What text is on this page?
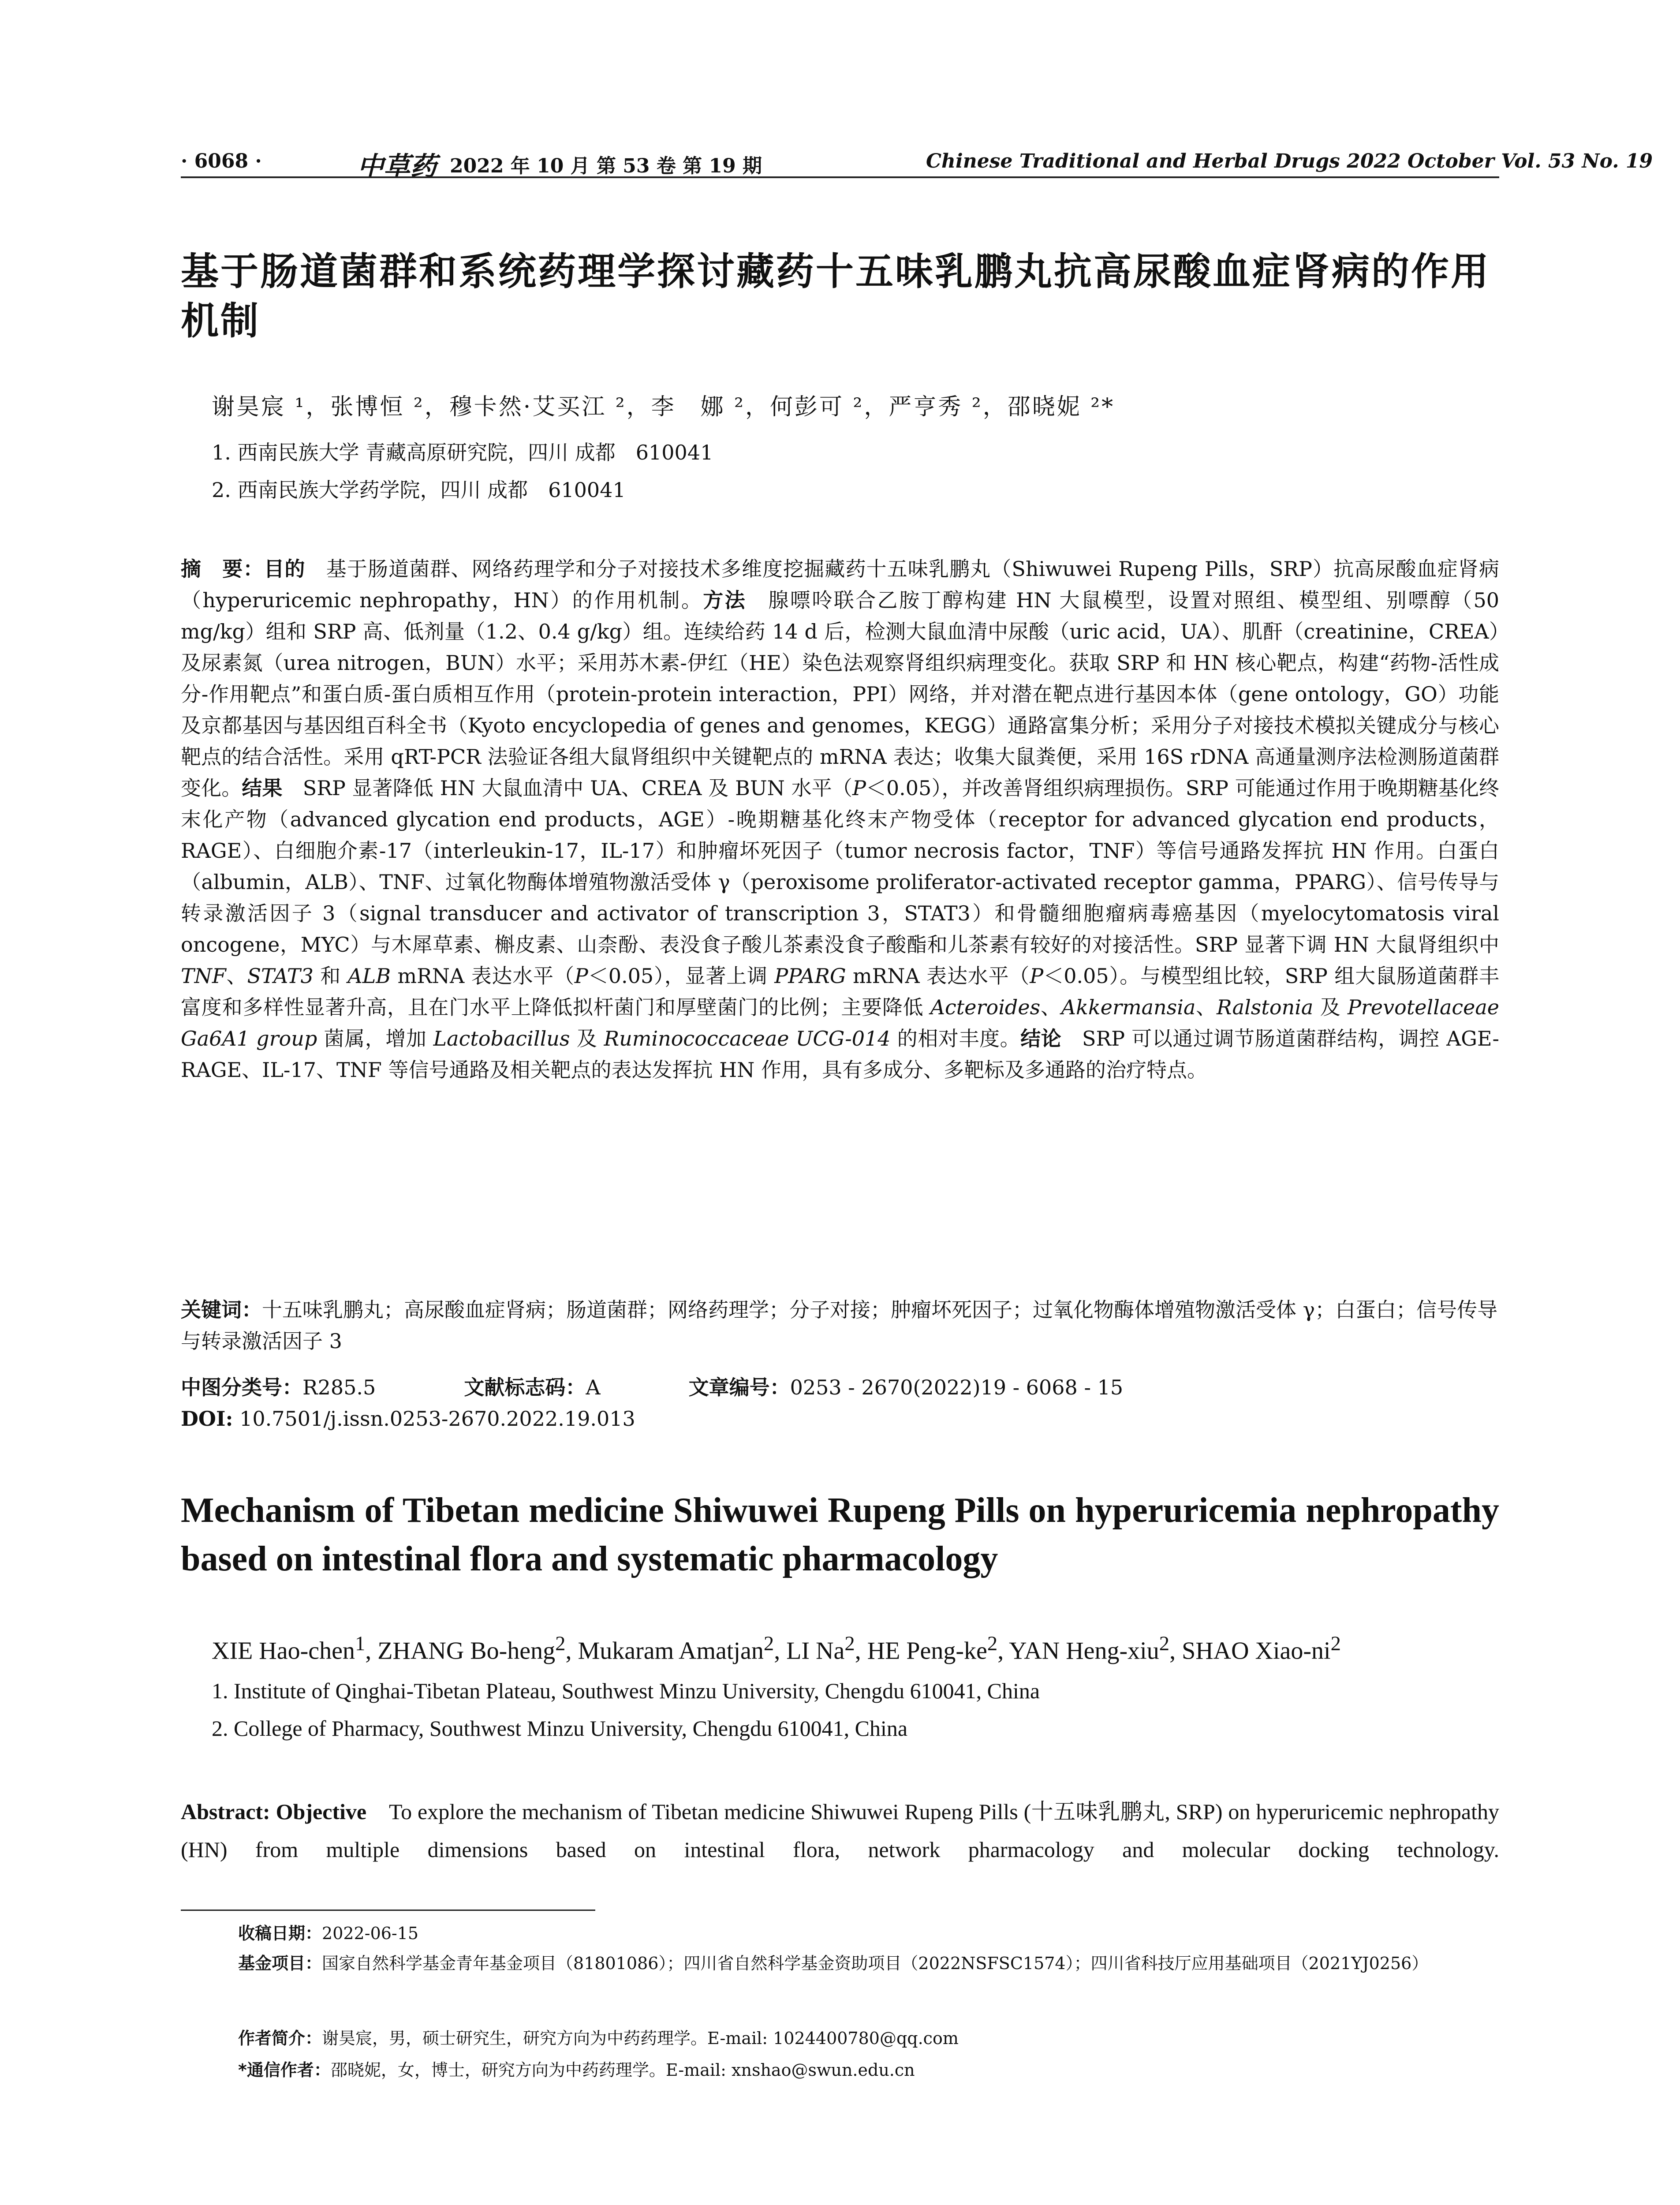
· 6068 ·	中草药 2022 年 10 月 第 53 卷 第 19 期	Chinese Traditional and Herbal Drugs 2022 October Vol. 53 No. 19
基于肠道菌群和系统药理学探讨藏药十五味乳鹏丸抗高尿酸血症肾病的作用机制
谢昊宸 ¹，张博恒 ²，穆卡然·艾买江 ²，李　娜 ²，何彭可 ²，严亨秀 ²，邵晓妮 ²*
1. 西南民族大学 青藏高原研究院，四川 成都　610041
2. 西南民族大学药学院，四川 成都　610041
摘　要：目的　基于肠道菌群、网络药理学和分子对接技术多维度挖掘藏药十五味乳鹏丸（Shiwuwei Rupeng Pills，SRP）抗高尿酸血症肾病（hyperuricemic nephropathy，HN）的作用机制。方法　腺嘌呤联合乙胺丁醇构建 HN 大鼠模型，设置对照组、模型组、别嘌醇（50 mg/kg）组和 SRP 高、低剂量（1.2、0.4 g/kg）组。连续给药 14 d 后，检测大鼠血清中尿酸（uric acid，UA）、肌酐（creatinine，CREA）及尿素氮（urea nitrogen，BUN）水平；采用苏木素-伊红（HE）染色法观察肾组织病理变化。获取 SRP 和 HN 核心靶点，构建“药物-活性成分-作用靶点”和蛋白质-蛋白质相互作用（protein-protein interaction，PPI）网络，并对潜在靶点进行基因本体（gene ontology，GO）功能及京都基因与基因组百科全书（Kyoto encyclopedia of genes and genomes，KEGG）通路富集分析；采用分子对接技术模拟关键成分与核心靶点的结合活性。采用 qRT-PCR 法验证各组大鼠肾组织中关键靶点的 mRNA 表达；收集大鼠粪便，采用 16S rDNA 高通量测序法检测肠道菌群变化。结果　SRP 显著降低 HN 大鼠血清中 UA、CREA 及 BUN 水平（P＜0.05），并改善肾组织病理损伤。SRP 可能通过作用于晚期糖基化终末化产物（advanced glycation end products，AGE）-晚期糖基化终末产物受体（receptor for advanced glycation end products，RAGE）、白细胞介素-17（interleukin-17，IL-17）和肿瘤坏死因子（tumor necrosis factor，TNF）等信号通路发挥抗 HN 作用。白蛋白（albumin，ALB）、TNF、过氧化物酶体增殖物激活受体 γ（peroxisome proliferator-activated receptor gamma，PPARG）、信号传导与转录激活因子 3（signal transducer and activator of transcription 3，STAT3）和骨髓细胞瘤病毒癌基因（myelocytomatosis viral oncogene，MYC）与木犀草素、槲皮素、山柰酚、表没食子酸儿茶素没食子酸酯和儿茶素有较好的对接活性。SRP 显著下调 HN 大鼠肾组织中 TNF、STAT3 和 ALB mRNA 表达水平（P＜0.05），显著上调 PPARG mRNA 表达水平（P＜0.05）。与模型组比较，SRP 组大鼠肠道菌群丰富度和多样性显著升高，且在门水平上降低拟杆菌门和厚壁菌门的比例；主要降低 Acteroides、Akkermansia、Ralstonia 及 Prevotellaceae Ga6A1 group 菌属，增加 Lactobacillus 及 Ruminococcaceae UCG-014 的相对丰度。结论　SRP 可以通过调节肠道菌群结构，调控 AGE-RAGE、IL-17、TNF 等信号通路及相关靶点的表达发挥抗 HN 作用，具有多成分、多靶标及多通路的治疗特点。
关键词：十五味乳鹏丸；高尿酸血症肾病；肠道菌群；网络药理学；分子对接；肿瘤坏死因子；过氧化物酶体增殖物激活受体 γ；白蛋白；信号传导与转录激活因子 3
中图分类号：R285.5	文献标志码：A	文章编号：0253 - 2670(2022)19 - 6068 - 15
DOI: 10.7501/j.issn.0253-2670.2022.19.013
Mechanism of Tibetan medicine Shiwuwei Rupeng Pills on hyperuricemia nephropathy based on intestinal flora and systematic pharmacology
XIE Hao-chen$^1$, ZHANG Bo-heng$^2$, Mukaram Amatjan$^2$, LI Na$^2$, HE Peng-$ke^2$, YAN Heng-xiu$^2$, SHAO Xiao-$ni^2$
1. Institute of Qinghai-Tibetan Plateau, Southwest Minzu University, Chengdu 610041, China
2. College of Pharmacy, Southwest Minzu University, Chengdu 610041, China
Abstract: Objective　To explore the mechanism of Tibetan medicine Shiwuwei Rupeng Pills (十五味乳鹏丸, SRP) on hyperuricemic nephropathy (HN) from multiple dimensions based on intestinal flora, network pharmacology and molecular docking technology.
收稿日期：2022-06-15
基金项目：国家自然科学基金青年基金项目（81801086）；四川省自然科学基金资助项目（2022NSFSC1574）；四川省科技厅应用基础项目（2021YJ0256）
作者简介：谢昊宸，男，硕士研究生，研究方向为中药药理学。E-mail: 1024400780@qq.com
*通信作者：邵晓妮，女，博士，研究方向为中药药理学。E-mail: xnshao@swun.edu.cn
